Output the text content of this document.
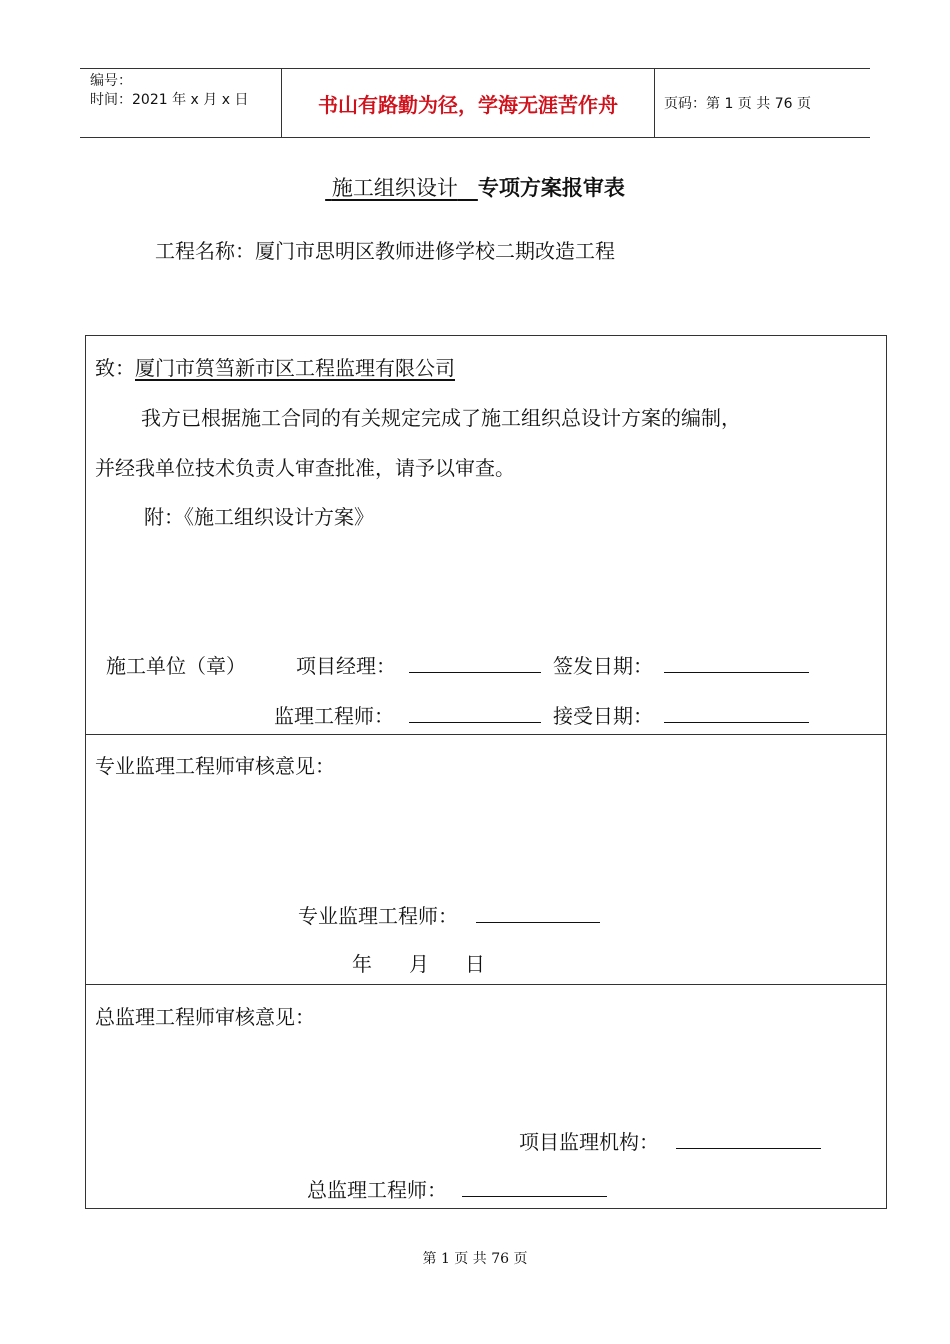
编号：
时间：2021 年 x 月 x 日	书山有路勤为径，学海无涯苦作舟	页码：第 1 页 共 76 页
施工组织设计 专项方案报审表
工程名称：厦门市思明区教师进修学校二期改造工程
致：厦门市筼筜新市区工程监理有限公司
我方已根据施工合同的有关规定完成了施工组织总设计方案的编制，
并经我单位技术负责人审查批准，请予以审查。
附：《施工组织设计方案》
施工单位（章）	项目经理：	签发日期：
监理工程师：	接受日期：
专业监理工程师审核意见：
专业监理工程师：
年 月 日
总监理工程师审核意见：
项目监理机构：
总监理工程师：
第 1 页 共 76 页
